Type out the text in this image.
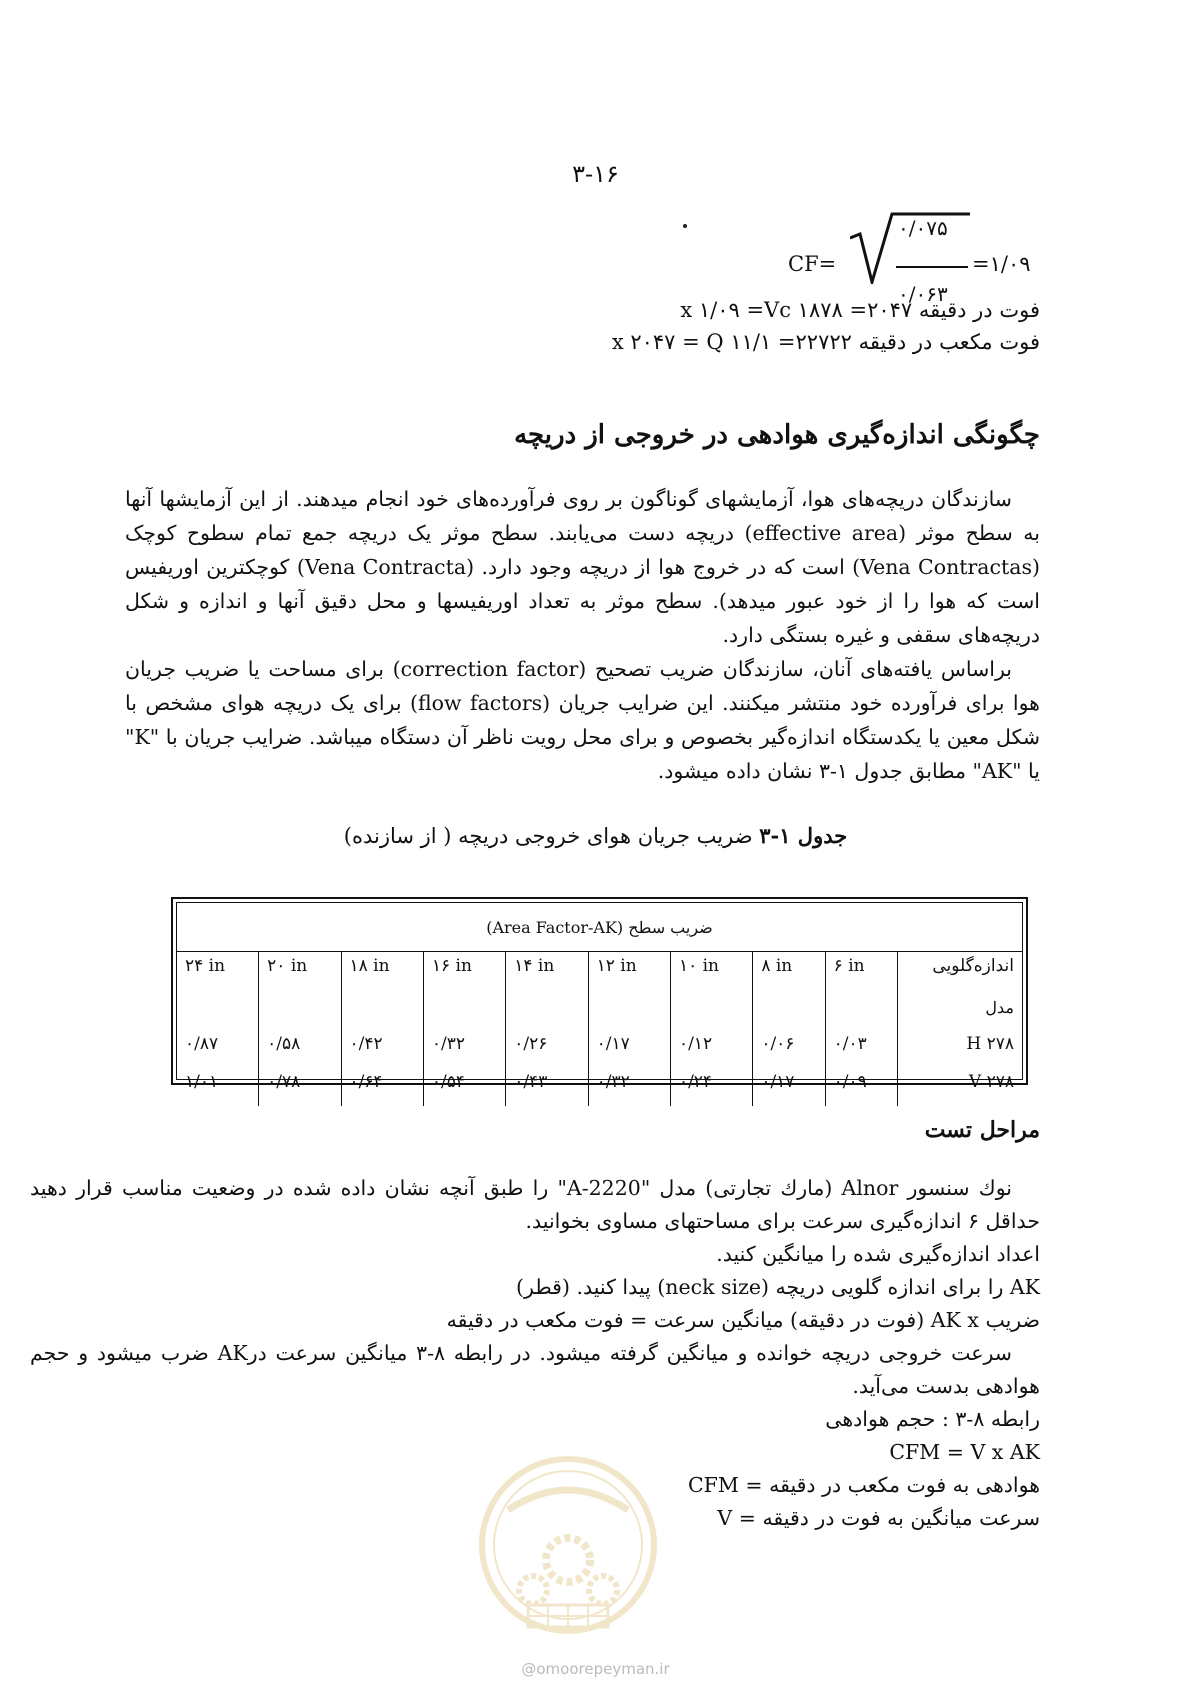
۳-۱۶
CF=
۰/۰۷۵
۰/۰۶۳
=۱/۰۹
فوت در دقیقه ۲۰۴۷= ۱۸۷۸ x ۱/۰۹ =Vc
فوت مکعب در دقیقه ۲۲۷۲۲= ۱۱/۱ x ۲۰۴۷ = Q
چگونگی اندازه‌گیری هوادهی در خروجی از دریچه

سازندگان دریچه‌های هوا، آزمایشهای گوناگون بر روی فرآورده‌های خود انجام میدهند. از این آزمایشها آنها به سطح موثر (effective area) دریچه دست می‌یابند. سطح موثر یک دریچه جمع تمام سطوح کوچک (Vena Contractas) است که در خروج هوا از دریچه وجود دارد. (Vena Contracta) کوچکترین اوریفیس است که هوا را از خود عبور میدهد). سطح موثر به تعداد اوریفیسها و محل دقیق آنها و اندازه و شکل دریچه‌های سقفی و غیره بستگی دارد.

براساس یافته‌های آنان، سازندگان ضریب تصحیح (correction factor) برای مساحت یا ضریب جریان هوا برای فرآورده خود منتشر میکنند. این ضرایب جریان (flow factors) برای یک دریچه هوای مشخص با شکل معین یا یکدستگاه اندازه‌گیر بخصوص و برای محل رویت ناظر آن دستگاه میباشد. ضرایب جریان با "K" یا "AK" مطابق جدول ۱-۳ نشان داده میشود.

جدول ۱-۳ ضریب جریان هوای خروجی دریچه ( از سازنده)
ضریب سطح (Area Factor-AK)									
اندازه‌گلویی	۶ in	۸ in	۱۰ in	۱۲ in	۱۴ in	۱۶ in	۱۸ in	۲۰ in	۲۴ in
مدل									
۲۷۸ H	۰/۰۳	۰/۰۶	۰/۱۲	۰/۱۷	۰/۲۶	۰/۳۲	۰/۴۲	۰/۵۸	۰/۸۷
۲۷۸ V	۰/۰۹	۰/۱۷	۰/۲۴	۰/۳۲	۰/۴۳	۰/۵۴	۰/۶۴	۰/۷۸	۱/۰۱
مراحل تست

نوك سنسور Alnor (مارك تجارتی) مدل "2220-A" را طبق آنچه نشان داده شده در وضعیت مناسب قرار دهید حداقل ۶ اندازه‌گیری سرعت برای مساحتهای مساوی بخوانید.

اعداد اندازه‌گیری شده را میانگین کنید.

AK را برای اندازه گلویی دریچه (neck size) پیدا کنید. (قطر)

ضریب AK x (فوت در دقیقه) میانگین سرعت = فوت مکعب در دقیقه

سرعت خروجی دریچه خوانده و میانگین گرفته میشود. در رابطه ۸-۳ میانگین سرعت درAK ضرب میشود و حجم هوادهی بدست می‌آید.

رابطه ۸-۳ : حجم هوادهی

CFM = V x AK

هوادهی به فوت مکعب در دقیقه = CFM

سرعت میانگین به فوت در دقیقه = V

@omoorepeyman.ir
